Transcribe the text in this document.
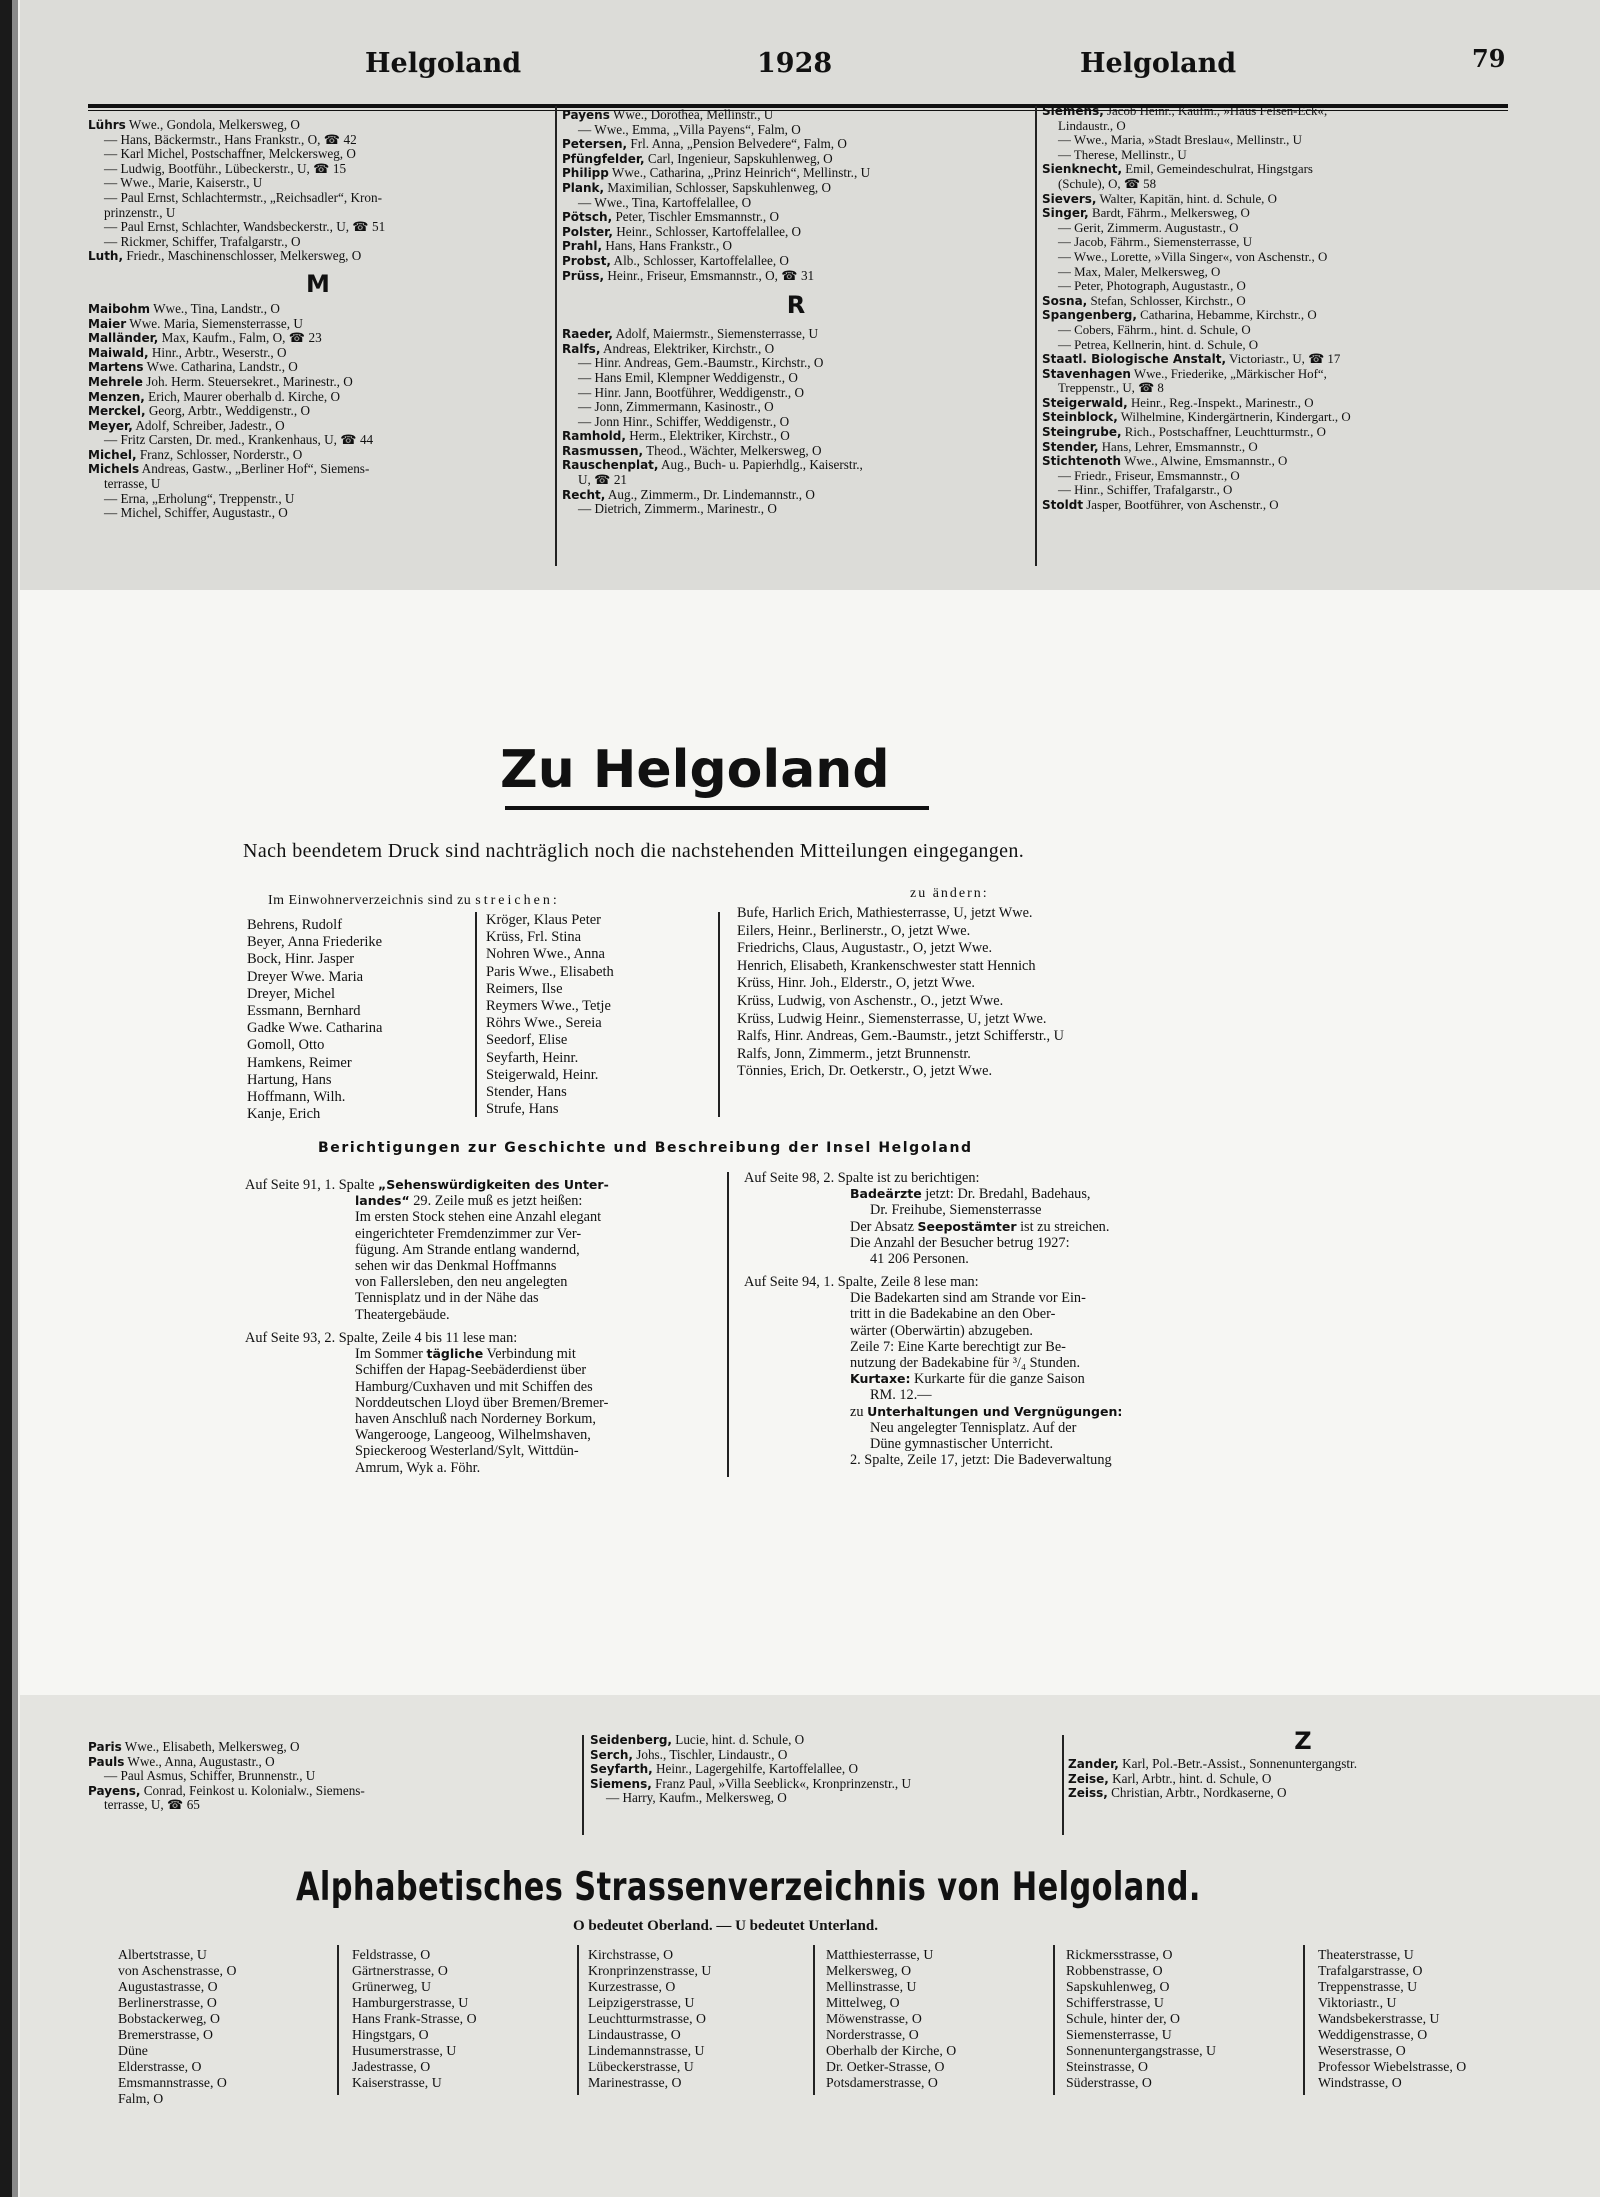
Helgoland	1928	Helgoland	79
Lührs Wwe., Gondola, Melkersweg, O
— Hans, Bäckermstr., Hans Frankstr., O, ☎ 42
— Karl Michel, Postschaffner, Melckersweg, O
— Ludwig, Bootführ., Lübeckerstr., U, ☎ 15
— Wwe., Marie, Kaiserstr., U
— Paul Ernst, Schlachtermstr., „Reichsadler“, Kron-
prinzenstr., U
— Paul Ernst, Schlachter, Wandsbeckerstr., U, ☎ 51
— Rickmer, Schiffer, Trafalgarstr., O
Luth, Friedr., Maschinenschlosser, Melkersweg, O
M
Maibohm Wwe., Tina, Landstr., O
Maier Wwe. Maria, Siemensterrasse, U
Malländer, Max, Kaufm., Falm, O, ☎ 23
Maiwald, Hinr., Arbtr., Weserstr., O
Martens Wwe. Catharina, Landstr., O
Mehrele Joh. Herm. Steuersekret., Marinestr., O
Menzen, Erich, Maurer oberhalb d. Kirche, O
Merckel, Georg, Arbtr., Weddigenstr., O
Meyer, Adolf, Schreiber, Jadestr., O
— Fritz Carsten, Dr. med., Krankenhaus, U, ☎ 44
Michel, Franz, Schlosser, Norderstr., O
Michels Andreas, Gastw., „Berliner Hof“, Siemens-
terrasse, U
— Erna, „Erholung“, Treppenstr., U
— Michel, Schiffer, Augustastr., O
Payens Wwe., Dorothea, Mellinstr., U
— Wwe., Emma, „Villa Payens“, Falm, O
Petersen, Frl. Anna, „Pension Belvedere“, Falm, O
Pfüngfelder, Carl, Ingenieur, Sapskuhlenweg, O
Philipp Wwe., Catharina, „Prinz Heinrich“, Mellinstr., U
Plank, Maximilian, Schlosser, Sapskuhlenweg, O
— Wwe., Tina, Kartoffelallee, O
Pötsch, Peter, Tischler Emsmannstr., O
Polster, Heinr., Schlosser, Kartoffelallee, O
Prahl, Hans, Hans Frankstr., O
Probst, Alb., Schlosser, Kartoffelallee, O
Prüss, Heinr., Friseur, Emsmannstr., O, ☎ 31
R
Raeder, Adolf, Maiermstr., Siemensterrasse, U
Ralfs, Andreas, Elektriker, Kirchstr., O
— Hinr. Andreas, Gem.-Baumstr., Kirchstr., O
— Hans Emil, Klempner Weddigenstr., O
— Hinr. Jann, Bootführer, Weddigenstr., O
— Jonn, Zimmermann, Kasinostr., O
— Jonn Hinr., Schiffer, Weddigenstr., O
Ramhold, Herm., Elektriker, Kirchstr., O
Rasmussen, Theod., Wächter, Melkersweg, O
Rauschenplat, Aug., Buch- u. Papierhdlg., Kaiserstr.,
U, ☎ 21
Recht, Aug., Zimmerm., Dr. Lindemannstr., O
— Dietrich, Zimmerm., Marinestr., O
Siemens, Jacob Heinr., Kaufm., »Haus Felsen-Eck«,
Lindaustr., O
— Wwe., Maria, »Stadt Breslau«, Mellinstr., U
— Therese, Mellinstr., U
Sienknecht, Emil, Gemeindeschulrat, Hingstgars
(Schule), O, ☎ 58
Sievers, Walter, Kapitän, hint. d. Schule, O
Singer, Bardt, Fährm., Melkersweg, O
— Gerit, Zimmerm. Augustastr., O
— Jacob, Fährm., Siemensterrasse, U
— Wwe., Lorette, »Villa Singer«, von Aschenstr., O
— Max, Maler, Melkersweg, O
— Peter, Photograph, Augustastr., O
Sosna, Stefan, Schlosser, Kirchstr., O
Spangenberg, Catharina, Hebamme, Kirchstr., O
— Cobers, Fährm., hint. d. Schule, O
— Petrea, Kellnerin, hint. d. Schule, O
Staatl. Biologische Anstalt, Victoriastr., U, ☎ 17
Stavenhagen Wwe., Friederike, „Märkischer Hof“,
Treppenstr., U, ☎ 8
Steigerwald, Heinr., Reg.-Inspekt., Marinestr., O
Steinblock, Wilhelmine, Kindergärtnerin, Kindergart., O
Steingrube, Rich., Postschaffner, Leuchtturmstr., O
Stender, Hans, Lehrer, Emsmannstr., O
Stichtenoth Wwe., Alwine, Emsmannstr., O
— Friedr., Friseur, Emsmannstr., O
— Hinr., Schiffer, Trafalgarstr., O
Stoldt Jasper, Bootführer, von Aschenstr., O
Zu Helgoland
Nach beendetem Druck sind nachträglich noch die nachstehenden Mitteilungen eingegangen.
Im Einwohnerverzeichnis sind zu streichen:	zu ändern:
Behrens, Rudolf
Beyer, Anna Friederike
Bock, Hinr. Jasper
Dreyer Wwe. Maria
Dreyer, Michel
Essmann, Bernhard
Gadke Wwe. Catharina
Gomoll, Otto
Hamkens, Reimer
Hartung, Hans
Hoffmann, Wilh.
Kanje, Erich
Kröger, Klaus Peter
Krüss, Frl. Stina
Nohren Wwe., Anna
Paris Wwe., Elisabeth
Reimers, Ilse
Reymers Wwe., Tetje
Röhrs Wwe., Sereia
Seedorf, Elise
Seyfarth, Heinr.
Steigerwald, Heinr.
Stender, Hans
Strufe, Hans
Bufe, Harlich Erich, Mathiesterrasse, U, jetzt Wwe.
Eilers, Heinr., Berlinerstr., O, jetzt Wwe.
Friedrichs, Claus, Augustastr., O, jetzt Wwe.
Henrich, Elisabeth, Krankenschwester statt Hennich
Krüss, Hinr. Joh., Elderstr., O, jetzt Wwe.
Krüss, Ludwig, von Aschenstr., O., jetzt Wwe.
Krüss, Ludwig Heinr., Siemensterrasse, U, jetzt Wwe.
Ralfs, Hinr. Andreas, Gem.-Baumstr., jetzt Schifferstr., U
Ralfs, Jonn, Zimmerm., jetzt Brunnenstr.
Tönnies, Erich, Dr. Oetkerstr., O, jetzt Wwe.
Berichtigungen zur Geschichte und Beschreibung der Insel Helgoland
Auf Seite 91, 1. Spalte „Sehenswürdigkeiten des Unter-
landes“ 29. Zeile muß es jetzt heißen:
Im ersten Stock stehen eine Anzahl elegant
eingerichteter Fremdenzimmer zur Ver-
fügung. Am Strande entlang wandernd,
sehen wir das Denkmal Hoffmanns
von Fallersleben, den neu angelegten
Tennisplatz und in der Nähe das
Theatergebäude.
Auf Seite 93, 2. Spalte, Zeile 4 bis 11 lese man:
Im Sommer tägliche Verbindung mit
Schiffen der Hapag-Seebäderdienst über
Hamburg/Cuxhaven und mit Schiffen des
Norddeutschen Lloyd über Bremen/Bremer-
haven Anschluß nach Norderney Borkum,
Wangerooge, Langeoog, Wilhelmshaven,
Spieckeroog Westerland/Sylt, Wittdün-
Amrum, Wyk a. Föhr.
Auf Seite 98, 2. Spalte ist zu berichtigen:
Badeärzte jetzt: Dr. Bredahl, Badehaus,
Dr. Freihube, Siemensterrasse
Der Absatz Seepostämter ist zu streichen.
Die Anzahl der Besucher betrug 1927:
41 206 Personen.
Auf Seite 94, 1. Spalte, Zeile 8 lese man:
Die Badekarten sind am Strande vor Ein-
tritt in die Badekabine an den Ober-
wärter (Oberwärtin) abzugeben.
Zeile 7: Eine Karte berechtigt zur Be-
nutzung der Badekabine für ³/₄ Stunden.
Kurtaxe: Kurkarte für die ganze Saison
RM. 12.—
zu Unterhaltungen und Vergnügungen:
Neu angelegter Tennisplatz. Auf der
Düne gymnastischer Unterricht.
2. Spalte, Zeile 17, jetzt: Die Badeverwaltung
Paris Wwe., Elisabeth, Melkersweg, O
Pauls Wwe., Anna, Augustastr., O
— Paul Asmus, Schiffer, Brunnenstr., U
Payens, Conrad, Feinkost u. Kolonialw., Siemens-
terrasse, U, ☎ 65
Seidenberg, Lucie, hint. d. Schule, O
Serch, Johs., Tischler, Lindaustr., O
Seyfarth, Heinr., Lagergehilfe, Kartoffelallee, O
Siemens, Franz Paul, »Villa Seeblick«, Kronprinzenstr., U
— Harry, Kaufm., Melkersweg, O
Z
Zander, Karl, Pol.-Betr.-Assist., Sonnenuntergangstr.
Zeise, Karl, Arbtr., hint. d. Schule, O
Zeiss, Christian, Arbtr., Nordkaserne, O
Alphabetisches Strassenverzeichnis von Helgoland.
O bedeutet Oberland. — U bedeutet Unterland.
Albertstrasse, U
von Aschenstrasse, O
Augustastrasse, O
Berlinerstrasse, O
Bobstackerweg, O
Bremerstrasse, O
Düne
Elderstrasse, O
Emsmannstrasse, O
Falm, O
Feldstrasse, O
Gärtnerstrasse, O
Grünerweg, U
Hamburgerstrasse, U
Hans Frank-Strasse, O
Hingstgars, O
Husumerstrasse, U
Jadestrasse, O
Kaiserstrasse, U
Kirchstrasse, O
Kronprinzenstrasse, U
Kurzestrasse, O
Leipzigerstrasse, U
Leuchtturmstrasse, O
Lindaustrasse, O
Lindemannstrasse, U
Lübeckerstrasse, U
Marinestrasse, O
Matthiesterrasse, U
Melkersweg, O
Mellinstrasse, U
Mittelweg, O
Möwenstrasse, O
Norderstrasse, O
Oberhalb der Kirche, O
Dr. Oetker-Strasse, O
Potsdamerstrasse, O
Rickmersstrasse, O
Robbenstrasse, O
Sapskuhlenweg, O
Schifferstrasse, U
Schule, hinter der, O
Siemensterrasse, U
Sonnenuntergangstrasse, U
Steinstrasse, O
Süderstrasse, O
Theaterstrasse, U
Trafalgarstrasse, O
Treppenstrasse, U
Viktoriastr., U
Wandsbekerstrasse, U
Weddigenstrasse, O
Weserstrasse, O
Professor Wiebelstrasse, O
Windstrasse, O
